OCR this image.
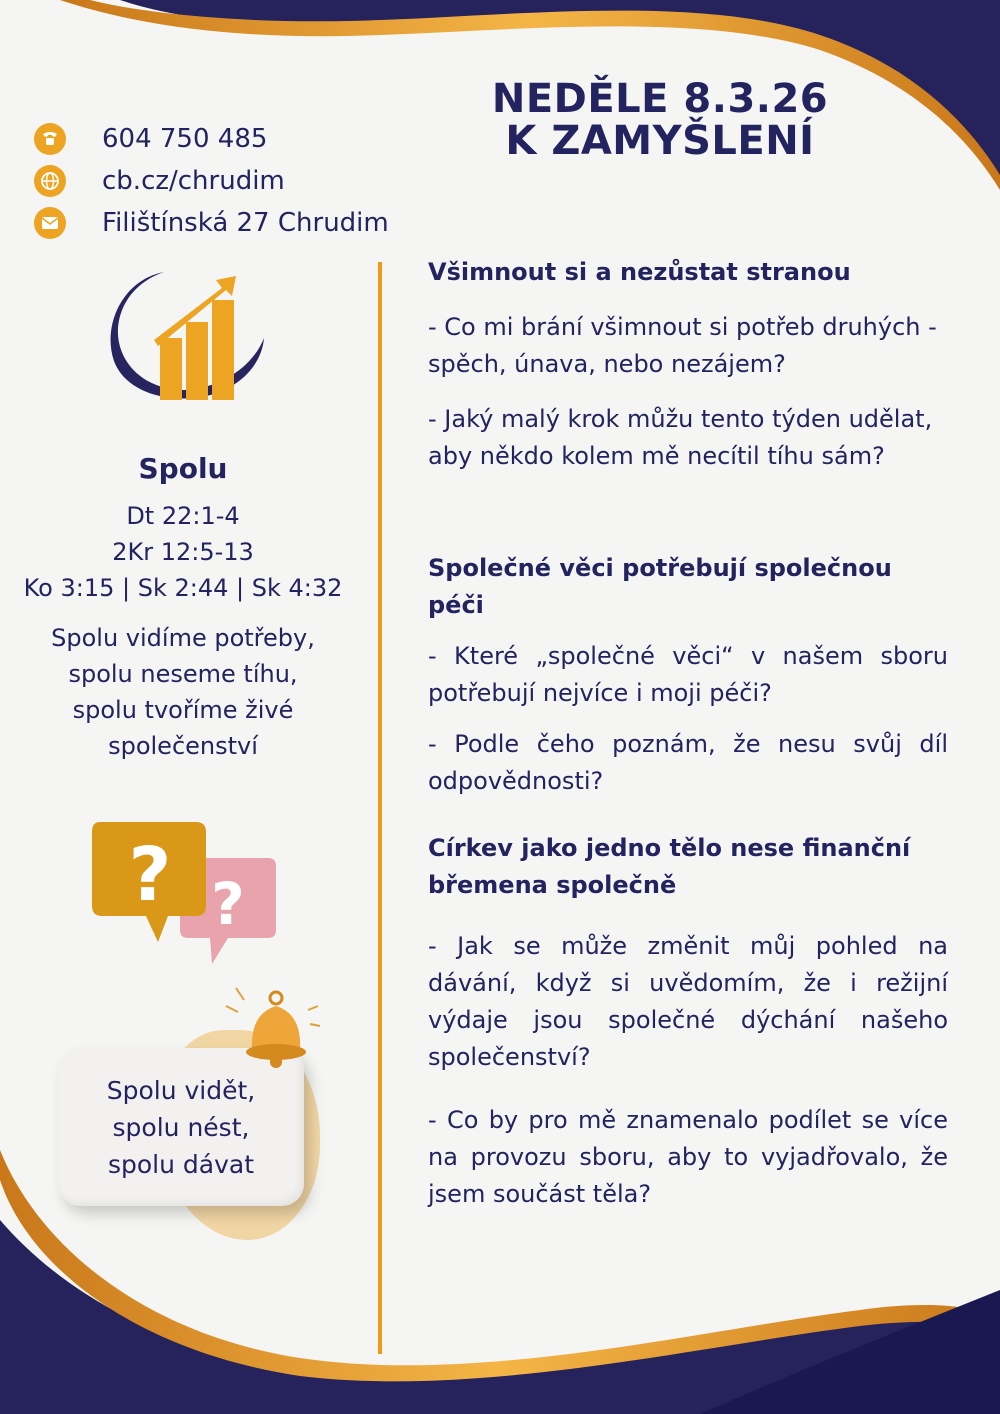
NEDĚLE 8.3.26
K ZAMYŠLENÍ
604 750 485
cb.cz/chrudim
Filištínská 27 Chrudim
Spolu
Dt 22:1-4
2Kr 12:5-13
Ko 3:15 | Sk 2:44 | Sk 4:32
Spolu vidíme potřeby,
spolu neseme tíhu,
spolu tvoříme živé
společenství
?
?
Spolu vidět,
spolu nést,
spolu dávat
Všimnout si a nezůstat stranou
- Co mi brání všimnout si potřeb druhých - spěch, únava, nebo nezájem?
- Jaký malý krok můžu tento týden udělat, aby někdo kolem mě necítil tíhu sám?
Společné věci potřebují společnou péči
- Které „společné věci“ v našem sboru potřebují nejvíce i moji péči?
- Podle čeho poznám, že nesu svůj díl odpovědnosti?
Církev jako jedno tělo nese finanční břemena společně
- Jak se může změnit můj pohled na dávání, když si uvědomím, že i režijní výdaje jsou společné dýchání našeho společenství?
- Co by pro mě znamenalo podílet se více na provozu sboru, aby to vyjadřovalo, že jsem součást těla?
